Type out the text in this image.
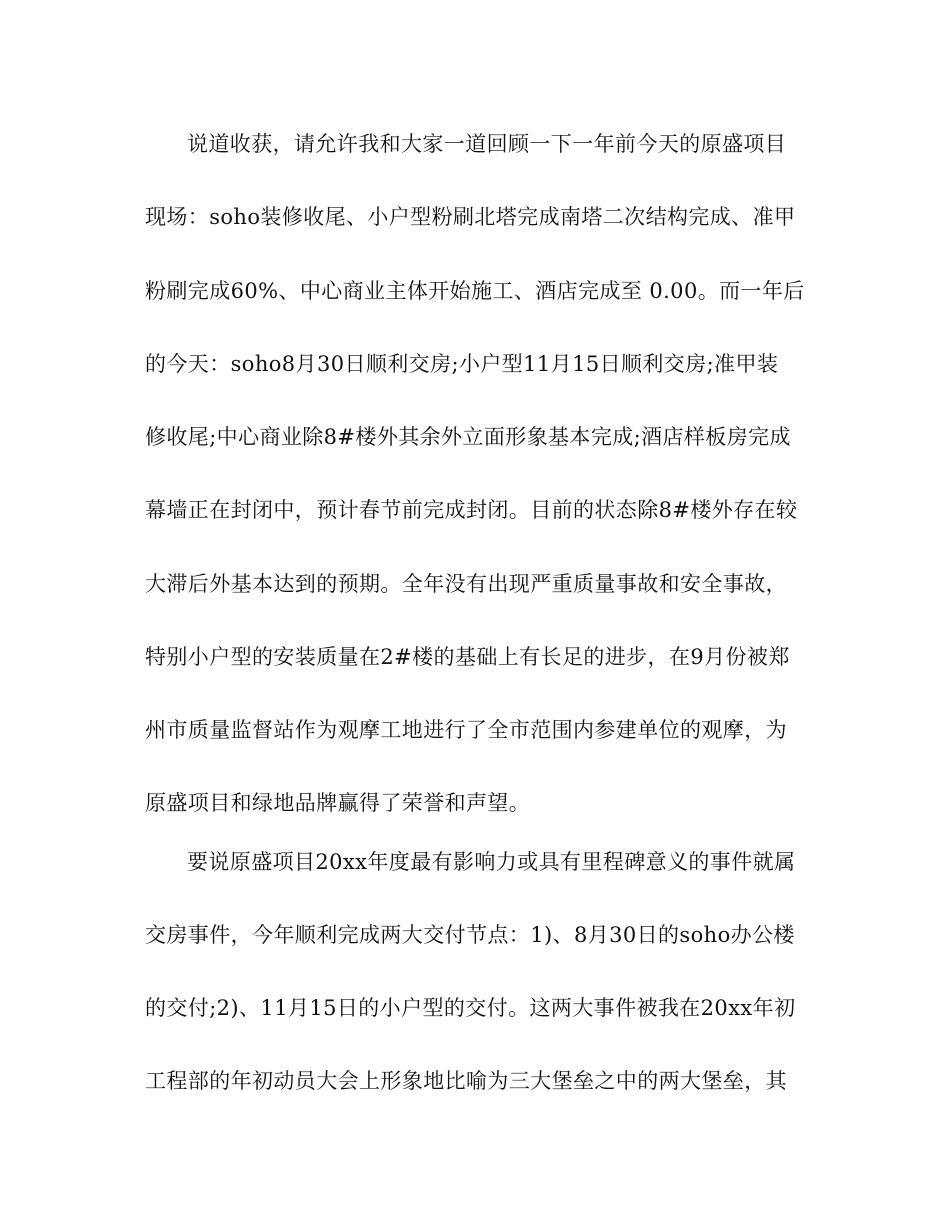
说道收获，请允许我和大家一道回顾一下一年前今天的原盛项目
现场：soho装修收尾、小户型粉刷北塔完成南塔二次结构完成、准甲
粉刷完成60%、中心商业主体开始施工、酒店完成至 0.00。而一年后
的今天：soho8月30日顺利交房;小户型11月15日顺利交房;准甲装
修收尾;中心商业除8#楼外其余外立面形象基本完成;酒店样板房完成
幕墙正在封闭中，预计春节前完成封闭。目前的状态除8#楼外存在较
大滞后外基本达到的预期。全年没有出现严重质量事故和安全事故，
特别小户型的安装质量在2#楼的基础上有长足的进步，在9月份被郑
州市质量监督站作为观摩工地进行了全市范围内参建单位的观摩，为
原盛项目和绿地品牌赢得了荣誉和声望。
要说原盛项目20xx年度最有影响力或具有里程碑意义的事件就属
交房事件，今年顺利完成两大交付节点：1)、8月30日的soho办公楼
的交付;2)、11月15日的小户型的交付。这两大事件被我在20xx年初
工程部的年初动员大会上形象地比喻为三大堡垒之中的两大堡垒，其
